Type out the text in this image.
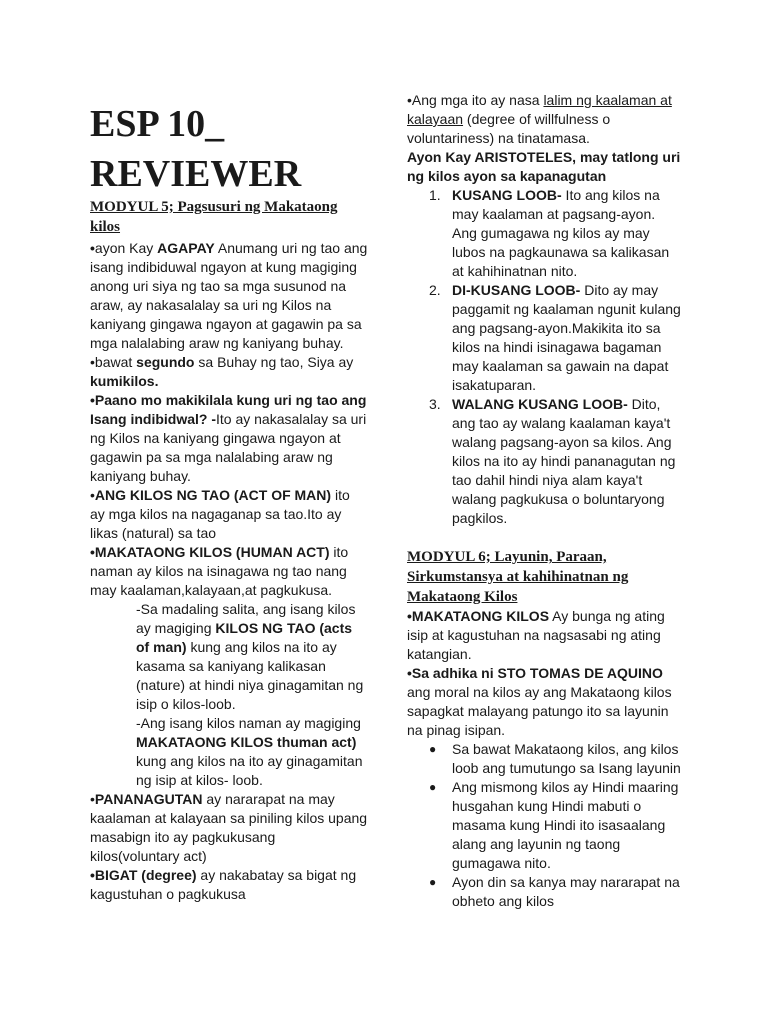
ESP 10_
REVIEWER

MODYUL 5; Pagsusuri ng Makataong kilos

•ayon Kay AGAPAY Anumang uri ng tao ang isang indibiduwal ngayon at kung magiging anong uri siya ng tao sa mga susunod na araw, ay nakasalalay sa uri ng Kilos na kaniyang gingawa ngayon at gagawin pa sa mga nalalabing araw ng kaniyang buhay.

•bawat segundo sa Buhay ng tao, Siya ay kumikilos.

•Paano mo makikilala kung uri ng tao ang Isang indibidwal? -Ito ay nakasalalay sa uri ng Kilos na kaniyang gingawa ngayon at gagawin pa sa mga nalalabing araw ng kaniyang buhay.

•ANG KILOS NG TAO (ACT OF MAN) ito ay mga kilos na nagaganap sa tao.Ito ay likas (natural) sa tao

•MAKATAONG KILOS (HUMAN ACT) ito naman ay kilos na isinagawa ng tao nang may kaalaman,kalayaan,at pagkukusa.

-Sa madaling salita, ang isang kilos ay magiging KILOS NG TAO (acts of man) kung ang kilos na ito ay kasama sa kaniyang kalikasan (nature) at hindi niya ginagamitan ng isip o kilos-loob.

-Ang isang kilos naman ay magiging MAKATAONG KILOS thuman act) kung ang kilos na ito ay ginagamitan ng isip at kilos- loob.

•PANANAGUTAN ay nararapat na may kaalaman at kalayaan sa piniling kilos upang masabign ito ay pagkukusang kilos(voluntary act)

•BIGAT (degree) ay nakabatay sa bigat ng kagustuhan o pagkukusa

•Ang mga ito ay nasa lalim ng kaalaman at kalayaan (degree of willfulness o voluntariness) na tinatamasa.

Ayon Kay ARISTOTELES, may tatlong uri ng kilos ayon sa kapanagutan

1. KUSANG LOOB- Ito ang kilos na may kaalaman at pagsang-ayon. Ang gumagawa ng kilos ay may lubos na pagkaunawa sa kalikasan at kahihinatnan nito.
2. DI-KUSANG LOOB- Dito ay may paggamit ng kaalaman ngunit kulang ang pagsang-ayon.Makikita ito sa kilos na hindi isinagawa bagaman may kaalaman sa gawain na dapat isakatuparan.
3. WALANG KUSANG LOOB- Dito, ang tao ay walang kaalaman kaya't walang pagsang-ayon sa kilos. Ang kilos na ito ay hindi pananagutan ng tao dahil hindi niya alam kaya't walang pagkukusa o boluntaryong pagkilos.

MODYUL 6; Layunin, Paraan, Sirkumstansya at kahihinatnan ng Makataong Kilos

•MAKATAONG KILOS Ay bunga ng ating isip at kagustuhan na nagsasabi ng ating katangian.

•Sa adhika ni STO TOMAS DE AQUINO ang moral na kilos ay ang Makataong kilos sapagkat malayang patungo ito sa layunin na pinag isipan.

● Sa bawat Makataong kilos, ang kilos loob ang tumutungo sa Isang layunin
● Ang mismong kilos ay Hindi maaring husgahan kung Hindi mabuti o masama kung Hindi ito isasaalang alang ang layunin ng taong gumagawa nito.
● Ayon din sa kanya may nararapat na obheto ang kilos
